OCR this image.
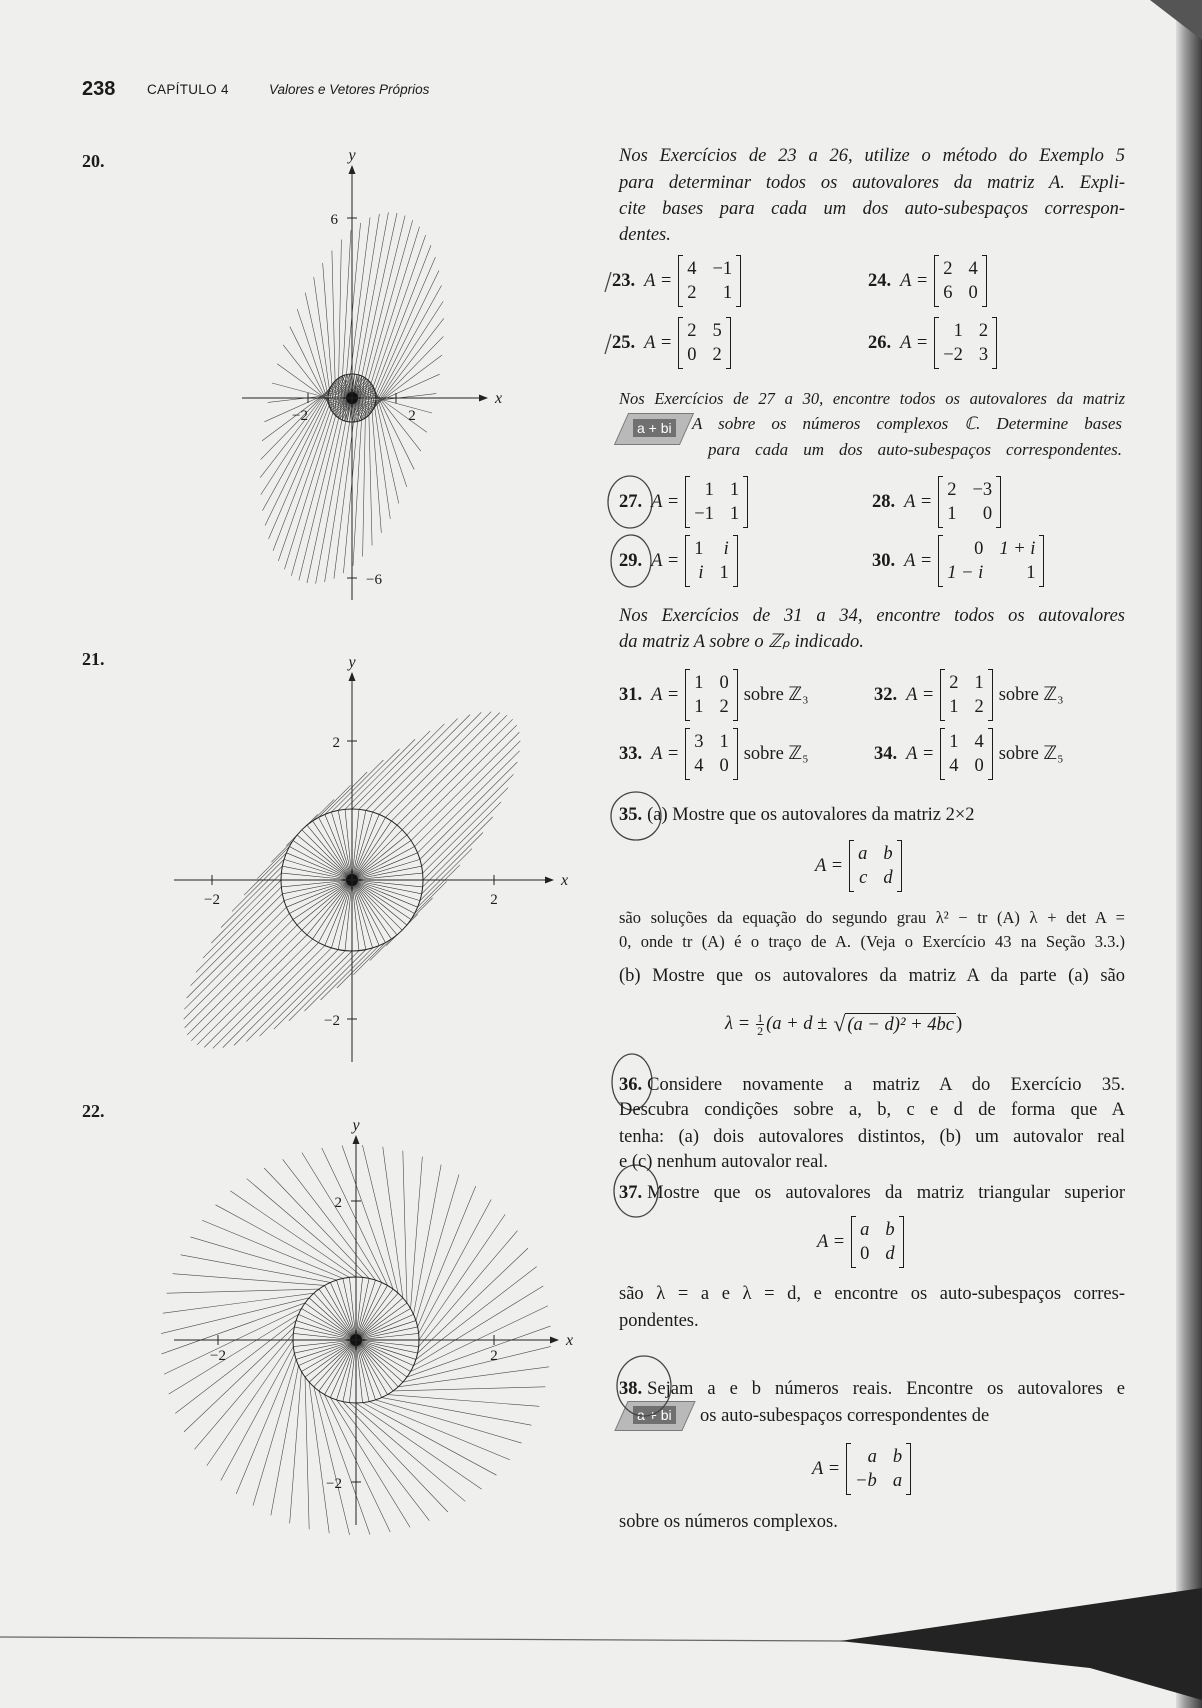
238 CAPÍTULO 4	Valores e Vetores Próprios
20.
21.
22.
x
y
−2	2
6
−6
x
y
−2	2
2
−2
x
y
−2	2
2
−2
a + bi
a + bi
$\lambda = \frac{1}{2} (a + d$ ± √ (a − d)² + 4bc )
23. A =
4 −1
2	1
24. A =
2 4
6 0
25. A =
2 5
0 2
26. A =
1 2
−2 3
27. A =
1 1
−1 1
28. A =
2 −3
1	0
29. A =
1 i
i 1
30. A =
0 1 + i
1 − i	1
31. A =
1 0
1 2
sobre ℤ₃	32. A =
2 1
1 2
sobre ℤ₃
33. A =
3 1
4 0
sobre ℤ₅	34. A =
1 4
4 0
sobre ℤ₅
A =
a b
c d
A =
a b
0 d
A =
a b
−b a
Nos Exercícios de 23 a 26, utilize o método do Exemplo 5
para determinar todos os autovalores da matriz A. Expli-
cite bases para cada um dos auto-subespaços correspon-
dentes.
Nos Exercícios de 27 a 30, encontre todos os autovalores da matriz
A sobre os números complexos ℂ. Determine bases
para cada um dos auto-subespaços correspondentes.
Nos Exercícios de 31 a 34, encontre todos os autovalores
da matriz A sobre o ℤₚ indicado.
35. (a) Mostre que os autovalores da matriz 2×2
são soluções da equação do segundo grau λ² − tr (A) λ + det A =
0, onde tr (A) é o traço de A. (Veja o Exercício 43 na Seção 3.3.)
(b) Mostre que os autovalores da matriz A da parte (a) são
36. Considere novamente a matriz A do Exercício 35.
Descubra condições sobre a, b, c e d de forma que A
tenha: (a) dois autovalores distintos, (b) um autovalor real
e (c) nenhum autovalor real.
37. Mostre que os autovalores da matriz triangular superior
são λ = a e λ = d, e encontre os auto-subespaços corres-
pondentes.
38. Sejam a e b números reais. Encontre os autovalores e
os auto-subespaços correspondentes de
sobre os números complexos.
